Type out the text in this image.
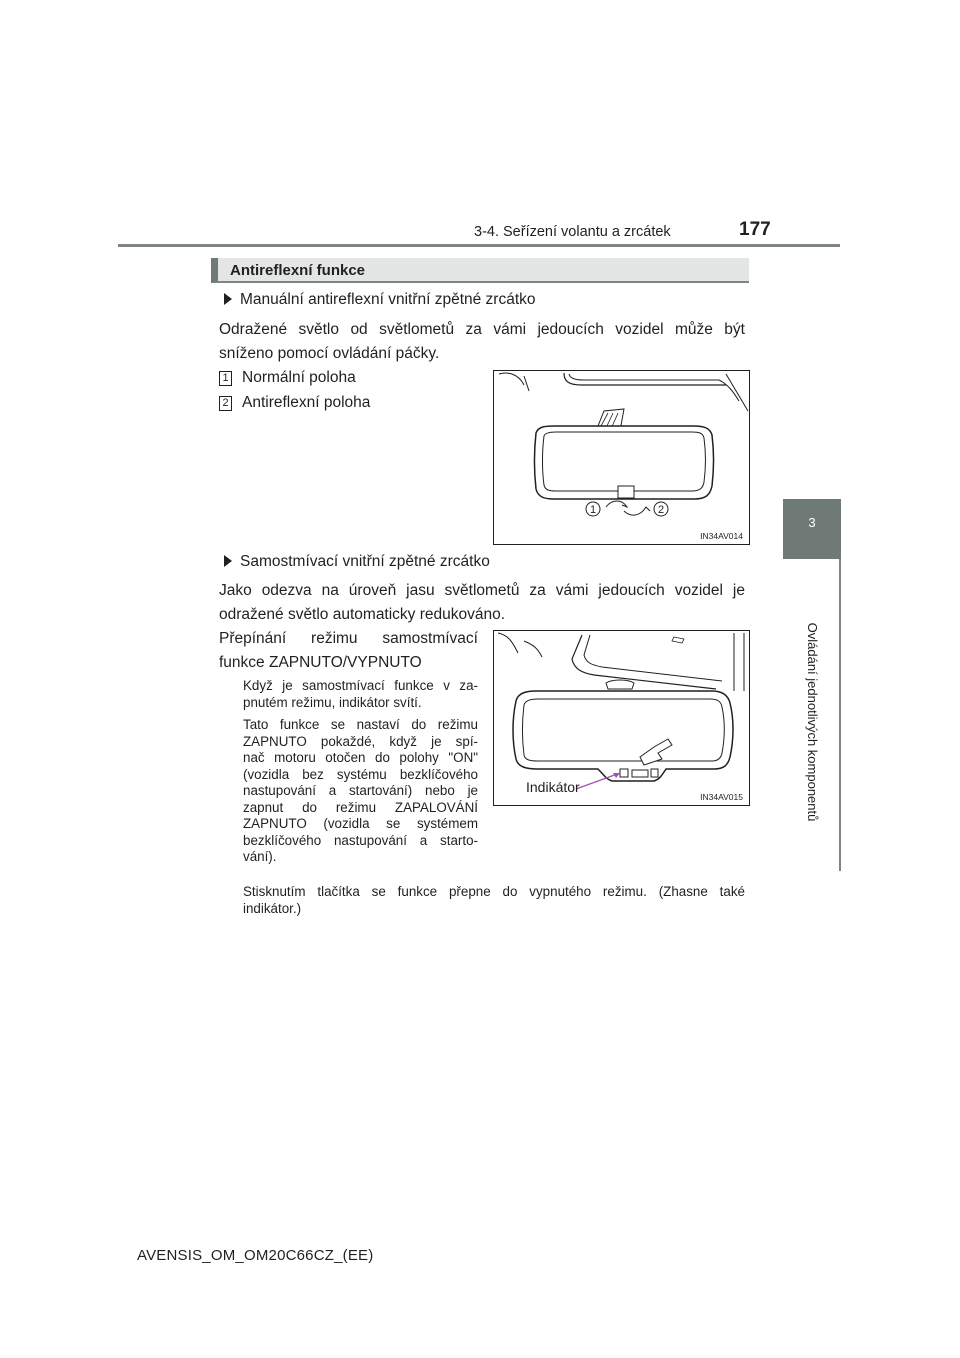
3-4. Seřízení volantu a zrcátek	177
3
Ovládání jednotlivých komponentů
Antireflexní funkce
Manuální antireflexní vnitřní zpětné zrcátko
Odražené světlo od světlometů za vámi jedoucích vozidel může být
sníženo pomocí ovládání páčky.
1 Normální poloha
2 Antireflexní poloha
1	2
IN34AV014
Samostmívací vnitřní zpětné zrcátko
Jako odezva na úroveň jasu světlometů za vámi jedoucích vozidel je
odražené světlo automaticky redukováno.
Přepínání režimu samostmívací
funkce ZAPNUTO/VYPNUTO
Když je samostmívací funkce v za-
pnutém režimu, indikátor svítí.
Tato funkce se nastaví do režimu
ZAPNUTO pokaždé, když je spí-
nač motoru otočen do polohy "ON"
(vozidla bez systému bezklíčového
nastupování a startování) nebo je
zapnut do režimu ZAPALOVÁNÍ
ZAPNUTO (vozidla se systémem
bezklíčového nastupování a starto-
vání).
Stisknutím tlačítka se funkce přepne do vypnutého režimu. (Zhasne také
indikátor.)
Indikátor
IN34AV015
AVENSIS_OM_OM20C66CZ_(EE)
